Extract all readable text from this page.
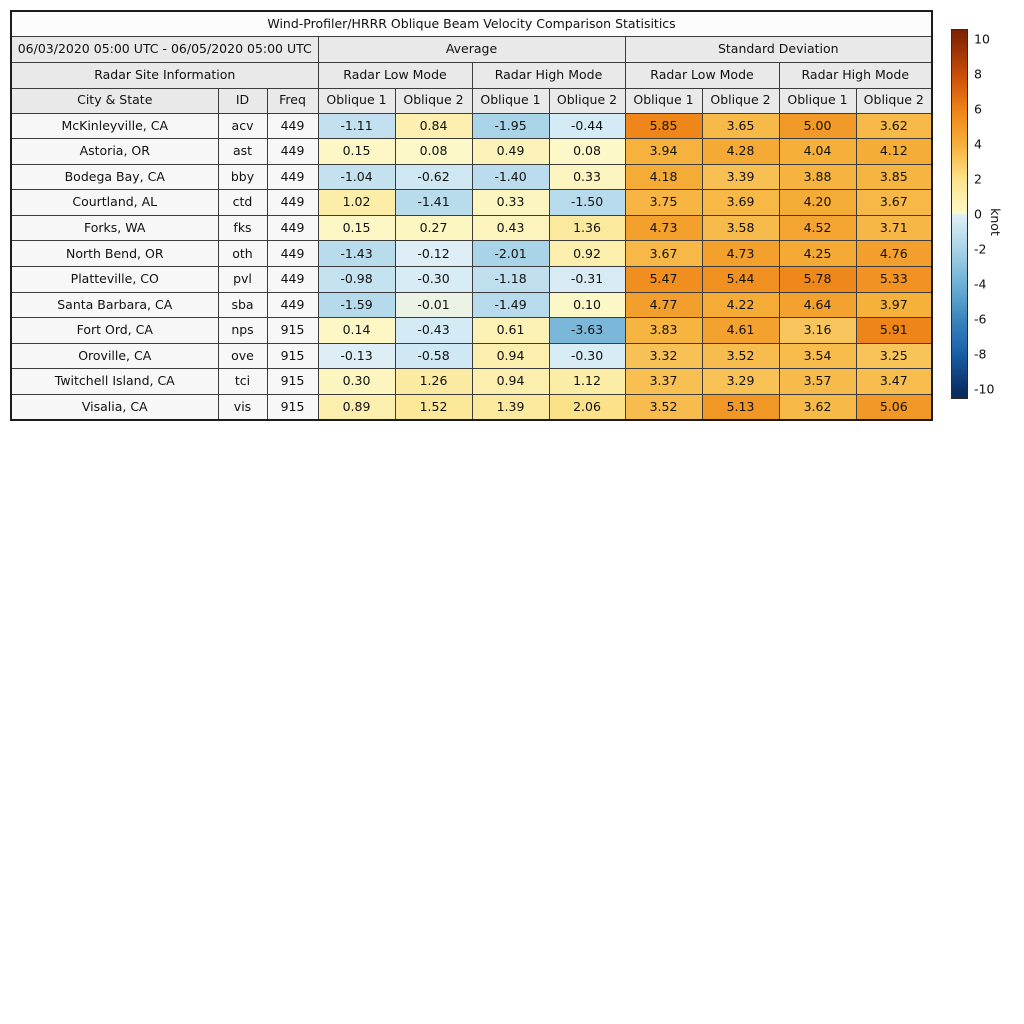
Wind-Profiler/HRRR Oblique Beam Velocity Comparison Statisitics										
06/03/2020 05:00 UTC - 06/05/2020 05:00 UTC			Average				Standard Deviation			
Radar Site Information			Radar Low Mode		Radar High Mode		Radar Low Mode		Radar High Mode	
City & State	ID	Freq	Oblique 1	Oblique 2	Oblique 1	Oblique 2	Oblique 1	Oblique 2	Oblique 1	Oblique 2
McKinleyville, CA	acv	449	-1.11	0.84	-1.95	-0.44	5.85	3.65	5.00	3.62
Astoria, OR	ast	449	0.15	0.08	0.49	0.08	3.94	4.28	4.04	4.12
Bodega Bay, CA	bby	449	-1.04	-0.62	-1.40	0.33	4.18	3.39	3.88	3.85
Courtland, AL	ctd	449	1.02	-1.41	0.33	-1.50	3.75	3.69	4.20	3.67
Forks, WA	fks	449	0.15	0.27	0.43	1.36	4.73	3.58	4.52	3.71
North Bend, OR	oth	449	-1.43	-0.12	-2.01	0.92	3.67	4.73	4.25	4.76
Platteville, CO	pvl	449	-0.98	-0.30	-1.18	-0.31	5.47	5.44	5.78	5.33
Santa Barbara, CA	sba	449	-1.59	-0.01	-1.49	0.10	4.77	4.22	4.64	3.97
Fort Ord, CA	nps	915	0.14	-0.43	0.61	-3.63	3.83	4.61	3.16	5.91
Oroville, CA	ove	915	-0.13	-0.58	0.94	-0.30	3.32	3.52	3.54	3.25
Twitchell Island, CA	tci	915	0.30	1.26	0.94	1.12	3.37	3.29	3.57	3.47
Visalia, CA	vis	915	0.89	1.52	1.39	2.06	3.52	5.13	3.62	5.06
10
8
6
4
2
0
-2
-4
-6
-8
-10
knot
